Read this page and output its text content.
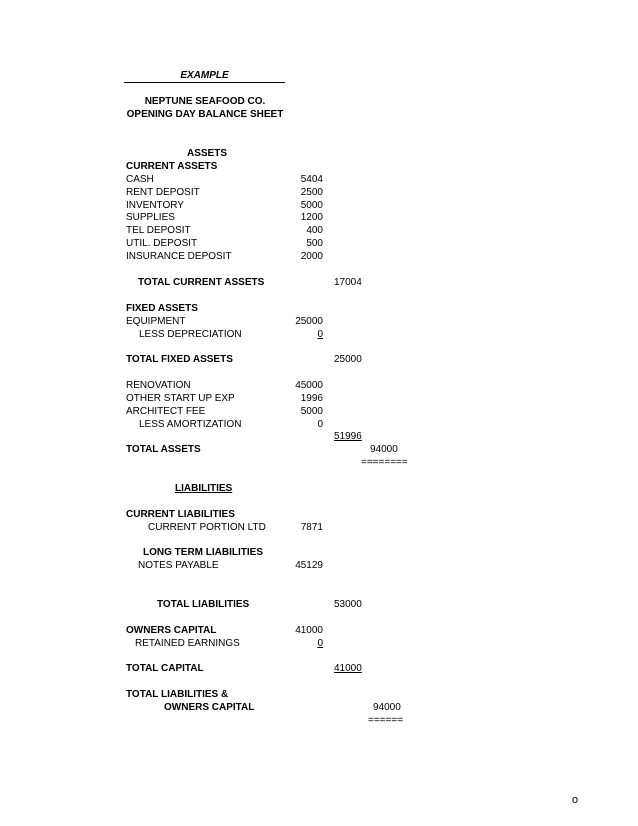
EXAMPLE
NEPTUNE SEAFOOD CO.
OPENING DAY BALANCE SHEET
ASSETS
CURRENT ASSETS
CASH	5404
RENT DEPOSIT	2500
INVENTORY	5000
SUPPLIES	1200
TEL DEPOSIT	400
UTIL. DEPOSIT	500
INSURANCE DEPOSIT	2000
TOTAL CURRENT ASSETS	17004
FIXED ASSETS
EQUIPMENT	25000
LESS DEPRECIATION	0
TOTAL FIXED ASSETS	25000
RENOVATION	45000
OTHER START UP EXP	1996
ARCHITECT FEE	5000
LESS AMORTIZATION	0
51996
TOTAL ASSETS	94000
========
LIABILITIES
CURRENT LIABILITIES
CURRENT PORTION LTD	7871
LONG TERM LIABILITIES
NOTES PAYABLE	45129
TOTAL LIABILITIES	53000
OWNERS CAPITAL	41000
RETAINED EARNINGS	0
TOTAL CAPITAL	41000
TOTAL LIABILITIES &
OWNERS CAPITAL	94000
======
o
